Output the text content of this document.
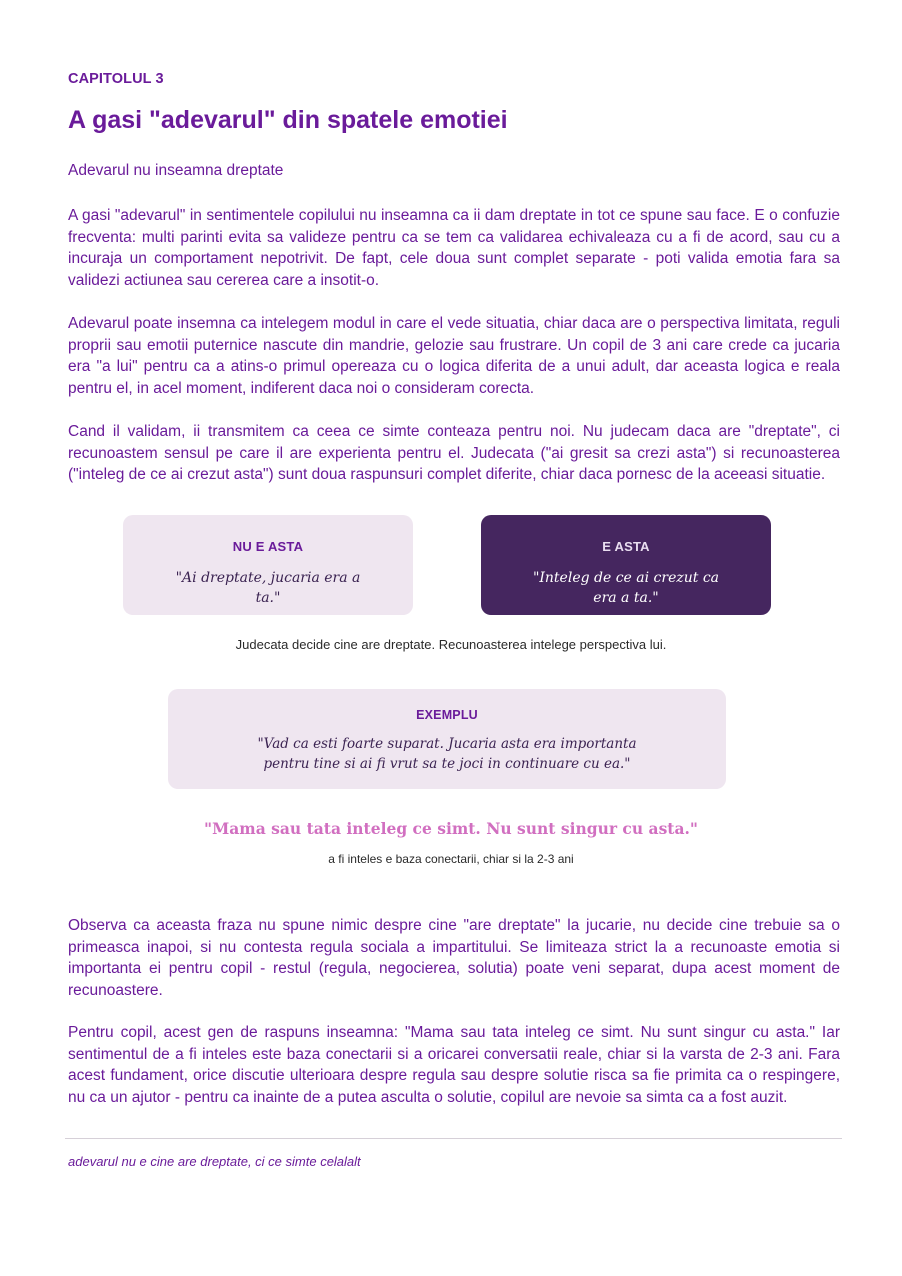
CAPITOLUL 3
A gasi "adevarul" din spatele emotiei
Adevarul nu inseamna dreptate

A gasi "adevarul" in sentimentele copilului nu inseamna ca ii dam dreptate in tot ce spune sau face. E o confuzie frecventa: multi parinti evita sa valideze pentru ca se tem ca validarea echivaleaza cu a fi de acord, sau cu a incuraja un comportament nepotrivit. De fapt, cele doua sunt complet separate - poti valida emotia fara sa validezi actiunea sau cererea care a insotit-o.

Adevarul poate insemna ca intelegem modul in care el vede situatia, chiar daca are o perspectiva limitata, reguli proprii sau emotii puternice nascute din mandrie, gelozie sau frustrare. Un copil de 3 ani care crede ca jucaria era "a lui" pentru ca a atins-o primul opereaza cu o logica diferita de a unui adult, dar aceasta logica e reala pentru el, in acel moment, indiferent daca noi o consideram corecta.

Cand il validam, ii transmitem ca ceea ce simte conteaza pentru noi. Nu judecam daca are "dreptate", ci recunoastem sensul pe care il are experienta pentru el. Judecata ("ai gresit sa crezi asta") si recunoasterea ("inteleg de ce ai crezut asta") sunt doua raspunsuri complet diferite, chiar daca pornesc de la aceeasi situatie.

NU E ASTA
"Ai dreptate, jucaria era a ta."
E ASTA
"Inteleg de ce ai crezut ca era a ta."
Judecata decide cine are dreptate. Recunoasterea intelege perspectiva lui.
EXEMPLU
"Vad ca esti foarte suparat. Jucaria asta era importanta pentru tine si ai fi vrut sa te joci in continuare cu ea."
"Mama sau tata inteleg ce simt. Nu sunt singur cu asta."
a fi inteles e baza conectarii, chiar si la 2-3 ani

Observa ca aceasta fraza nu spune nimic despre cine "are dreptate" la jucarie, nu decide cine trebuie sa o primeasca inapoi, si nu contesta regula sociala a impartitului. Se limiteaza strict la a recunoaste emotia si importanta ei pentru copil - restul (regula, negocierea, solutia) poate veni separat, dupa acest moment de recunoastere.

Pentru copil, acest gen de raspuns inseamna: "Mama sau tata inteleg ce simt. Nu sunt singur cu asta." Iar sentimentul de a fi inteles este baza conectarii si a oricarei conversatii reale, chiar si la varsta de 2-3 ani. Fara acest fundament, orice discutie ulterioara despre regula sau despre solutie risca sa fie primita ca o respingere, nu ca un ajutor - pentru ca inainte de a putea asculta o solutie, copilul are nevoie sa simta ca a fost auzit.

adevarul nu e cine are dreptate, ci ce simte celalalt
